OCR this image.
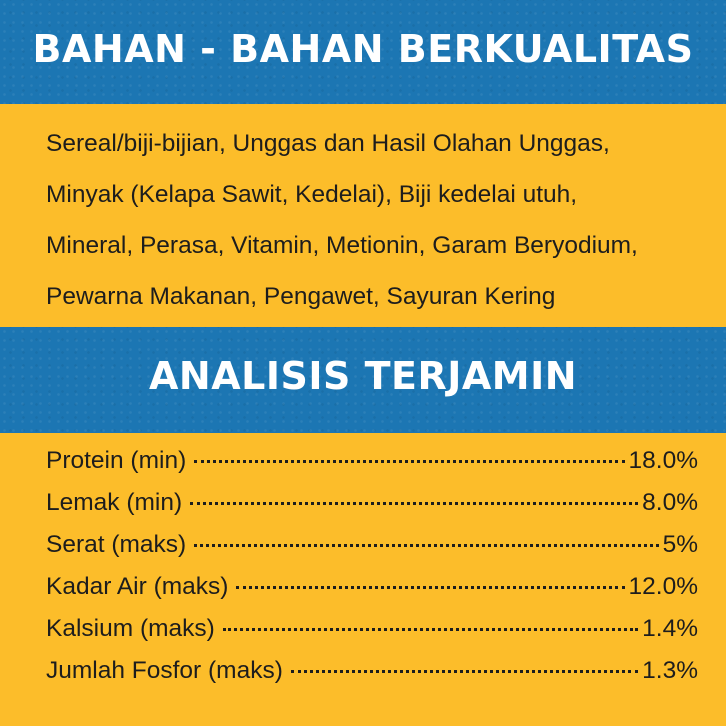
BAHAN - BAHAN BERKUALITAS
Sereal/biji-bijian, Unggas dan Hasil Olahan Unggas,
Minyak (Kelapa Sawit, Kedelai), Biji kedelai utuh,
Mineral, Perasa, Vitamin, Metionin, Garam Beryodium,
Pewarna Makanan, Pengawet, Sayuran Kering
ANALISIS TERJAMIN
Protein (min)	18.0%
Lemak (min)	8.0%
Serat (maks)	5%
Kadar Air (maks)	12.0%
Kalsium (maks)	1.4%
Jumlah Fosfor (maks)	1.3%
